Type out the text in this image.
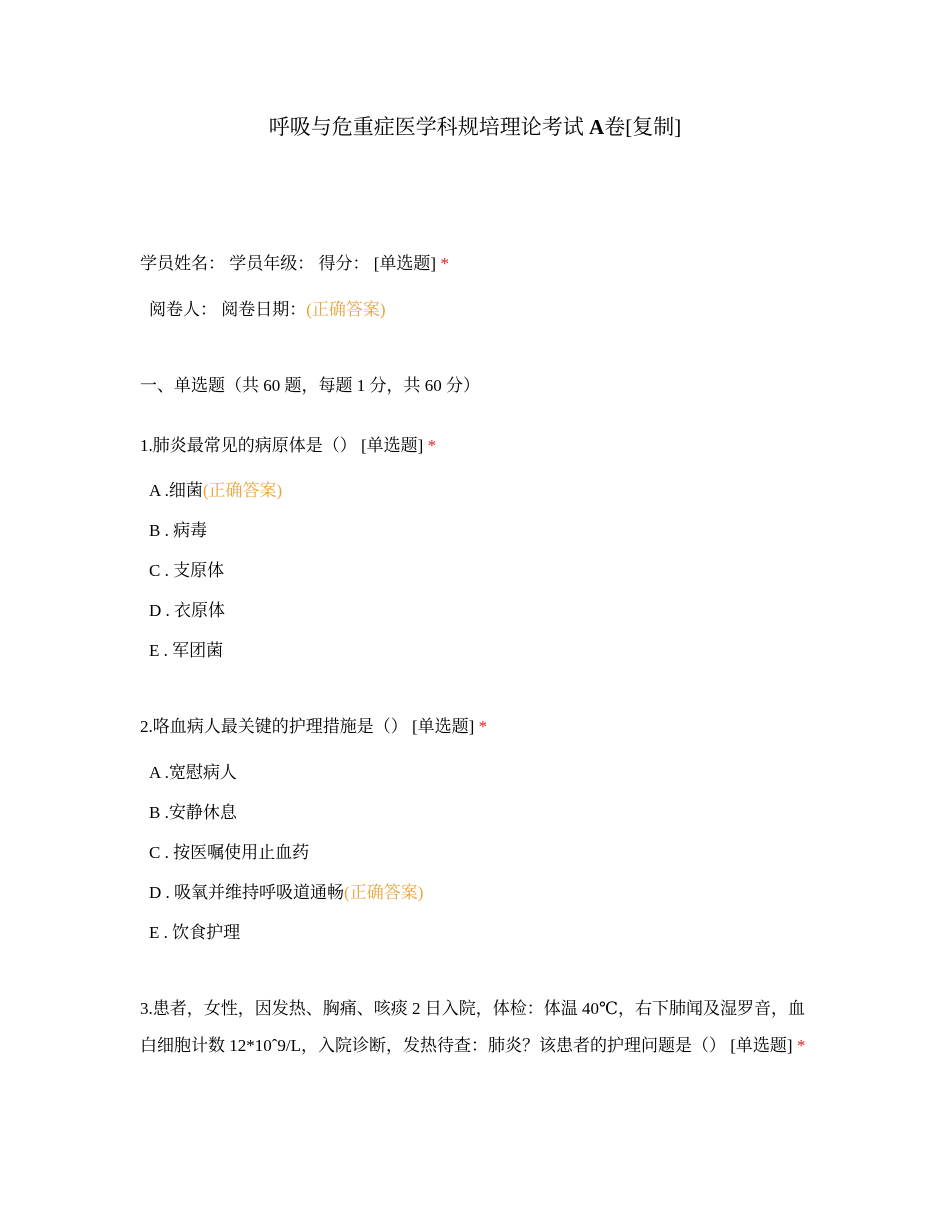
呼吸与危重症医学科规培理论考试 A卷[复制]
学员姓名： 学员年级： 得分： [单选题] *
阅卷人： 阅卷日期：(正确答案)
一、单选题（共 60 题，每题 1 分，共 60 分）
1.肺炎最常见的病原体是（） [单选题] *
A .细菌(正确答案)
B . 病毒
C . 支原体
D . 衣原体
E . 军团菌
2.咯血病人最关键的护理措施是（） [单选题] *
A .宽慰病人
B .安静休息
C . 按医嘱使用止血药
D . 吸氧并维持呼吸道通畅(正确答案)
E . 饮食护理
3.患者，女性，因发热、胸痛、咳痰 2 日入院，体检：体温 40℃，右下肺闻及湿罗音，血白细胞计数 12*10ˆ9/L，入院诊断，发热待查：肺炎？该患者的护理问题是（） [单选题] *
